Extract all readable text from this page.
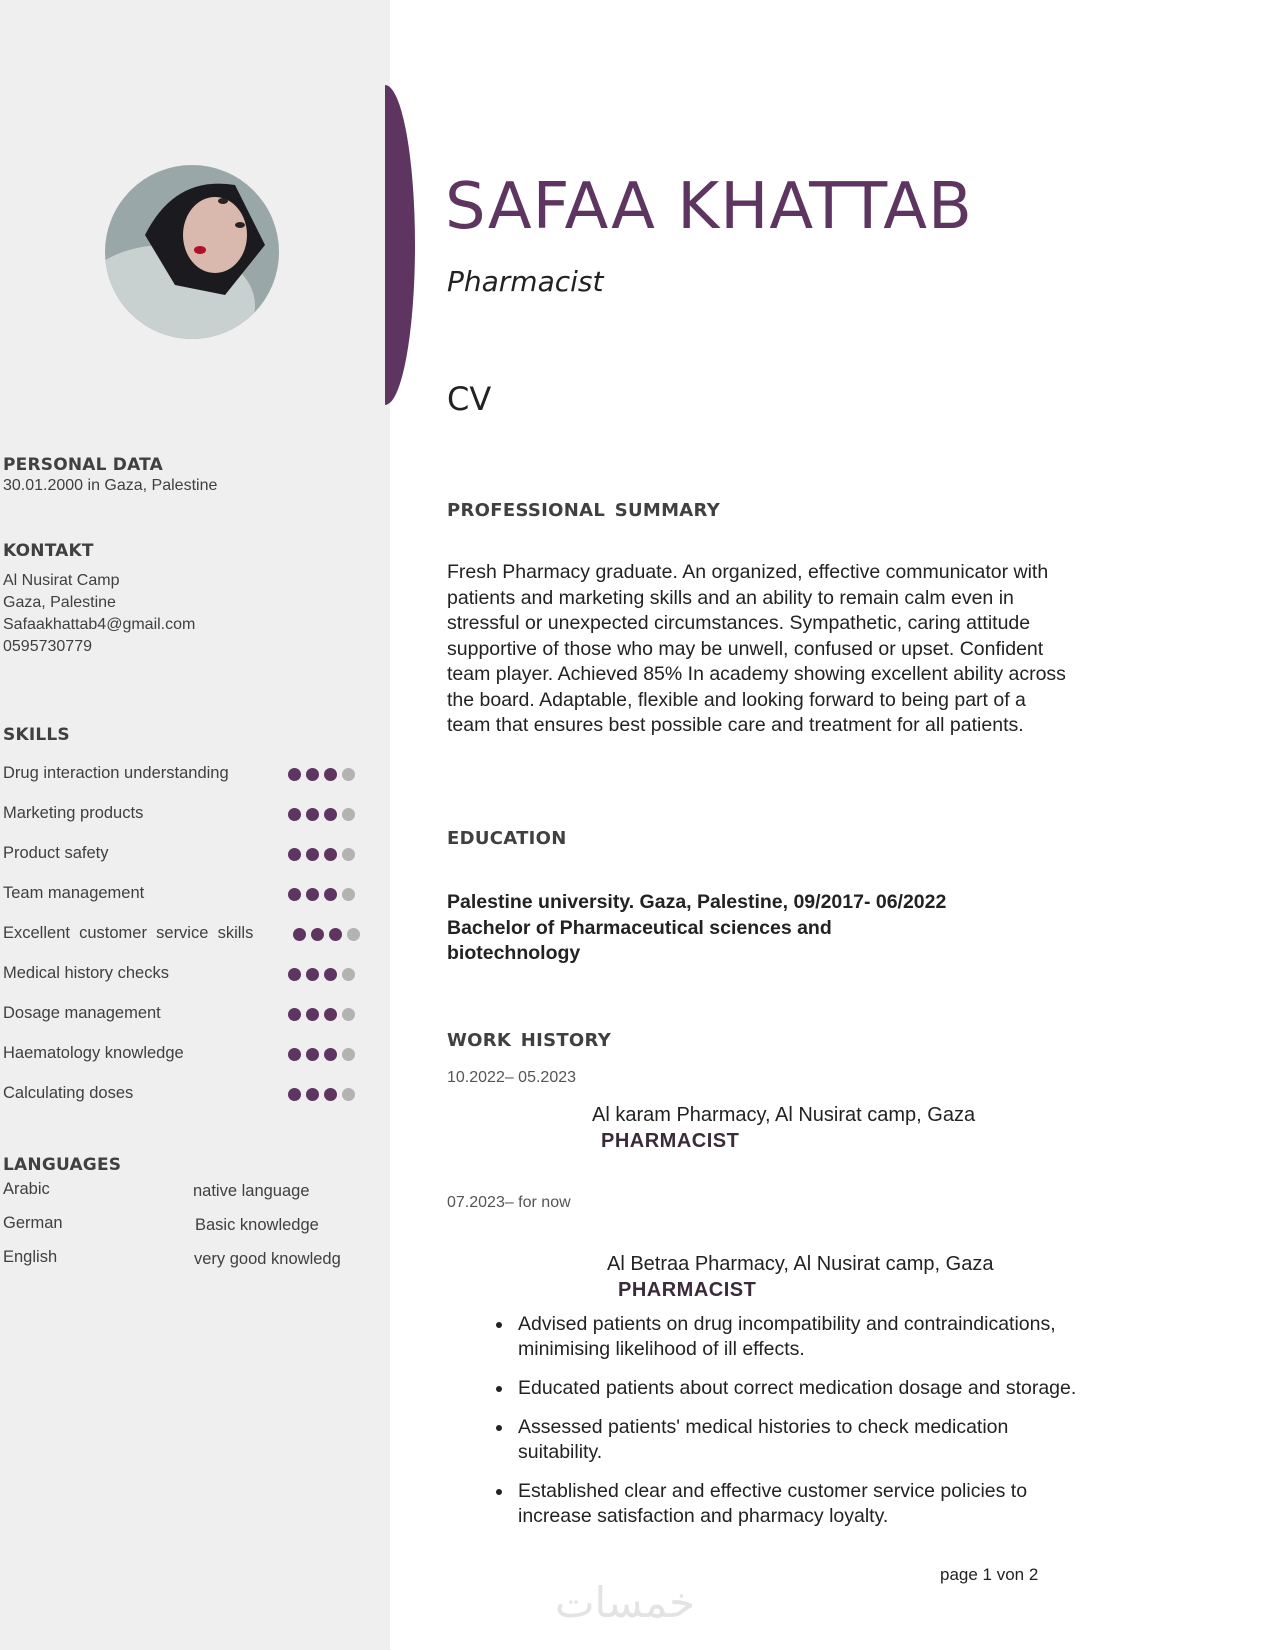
PERSONAL DATA
30.01.2000 in Gaza, Palestine
KONTAKT
Al Nusirat Camp
Gaza, Palestine
Safaakhattab4@gmail.com
0595730779
SKILLS
Drug interaction understanding
Marketing products
Product safety
Team management
Excellent  customer  service  skills
Medical history checks
Dosage management
Haematology knowledge
Calculating doses
LANGUAGES
Arabic	native language
German	Basic knowledge
English	very good knowledg
SAFAA KHATTAB
Pharmacist
CV
PROFESSIONAL SUMMARY

Fresh Pharmacy graduate. An organized, effective communicator with patients and marketing skills and an ability to remain calm even in stressful or unexpected circumstances. Sympathetic, caring attitude supportive of those who may be unwell, confused or upset. Confident team player. Achieved 85% In academy showing excellent ability across the board. Adaptable, flexible and looking forward to being part of a team that ensures best possible care and treatment for all patients.

EDUCATION
Palestine university. Gaza, Palestine, 09/2017- 06/2022
Bachelor of Pharmaceutical sciences and biotechnology
WORK HISTORY
10.2022– 05.2023
Al karam Pharmacy, Al Nusirat camp, Gaza
PHARMACIST
07.2023– for now
Al Betraa Pharmacy, Al Nusirat camp, Gaza
PHARMACIST
• Advised patients on drug incompatibility and contraindications, minimising likelihood of ill effects.
• Educated patients about correct medication dosage and storage.
• Assessed patients' medical histories to check medication suitability.
• Established clear and effective customer service policies to increase satisfaction and pharmacy loyalty.
page 1 von 2
خمسات
